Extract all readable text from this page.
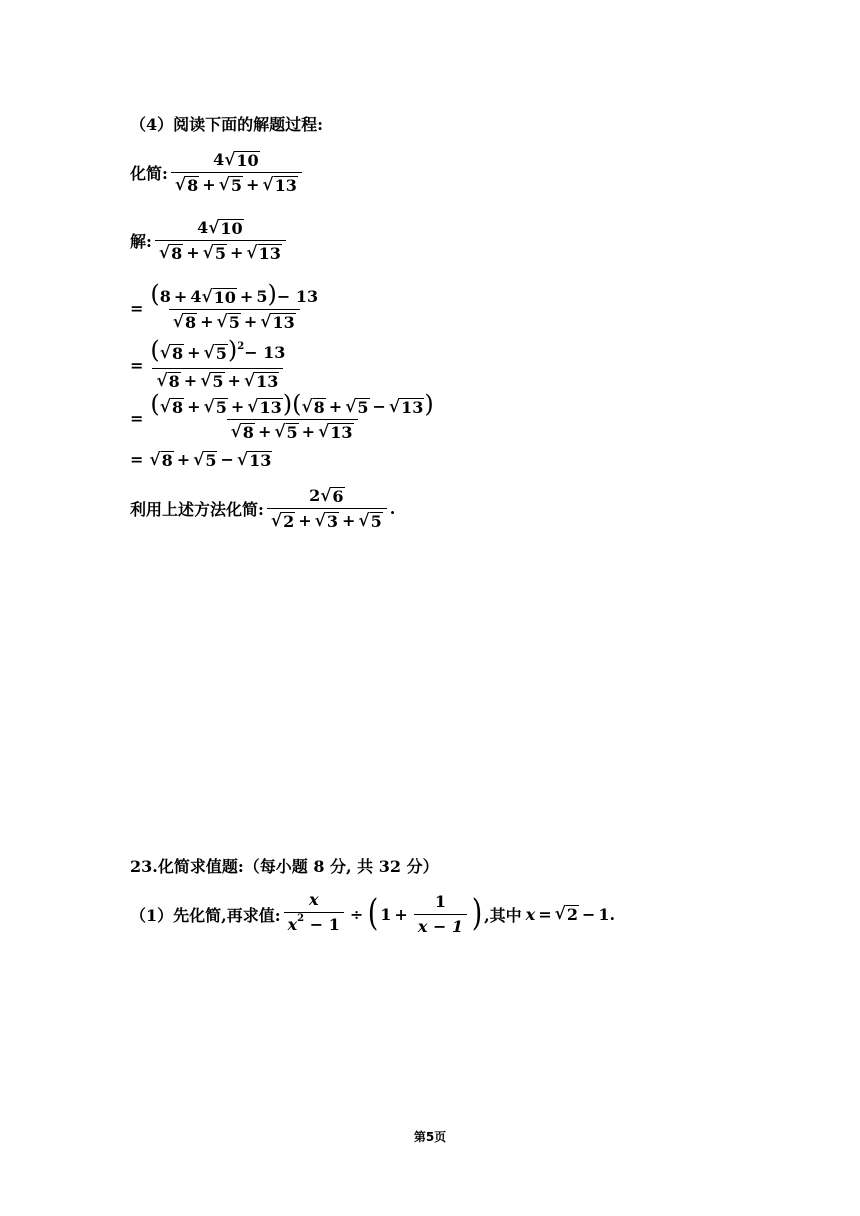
（4）阅读下面的解题过程:
化简: $\frac{4 √ 10}{√ 8 + √ 5 + √ 13}$
解: $\frac{4 √ 10}{√ 8 + √ 5 + √ 13}$
= $\frac{(8 + 4 √ 10 + 5)- 13}{√ 8 + √ 5 + √ 13}$
= $\frac{( √ 8 + √ 5 )^2- 13}{√ 8 + √ 5 + √ 13}$
= $\frac{( √ 8 + √ 5 + √ 13 )( √ 8 + √ 5 - √ 13 )}{√ 8 + √ 5 + √ 13}$
= √ 8 + √ 5 − √ 13
利用上述方法化简: $\frac{2 √ 6}{√ 2 + √ 3 + √ 5}$ .
23.化简求值题:（每小题 8 分, 共 32 分）
（1）先化简,再求值: $\frac{x}{x^2 - 1}$ ÷ ( $1 + \frac{1}{x - 1}$ ) ,其中 x = √ 2 − 1 .
第5页
